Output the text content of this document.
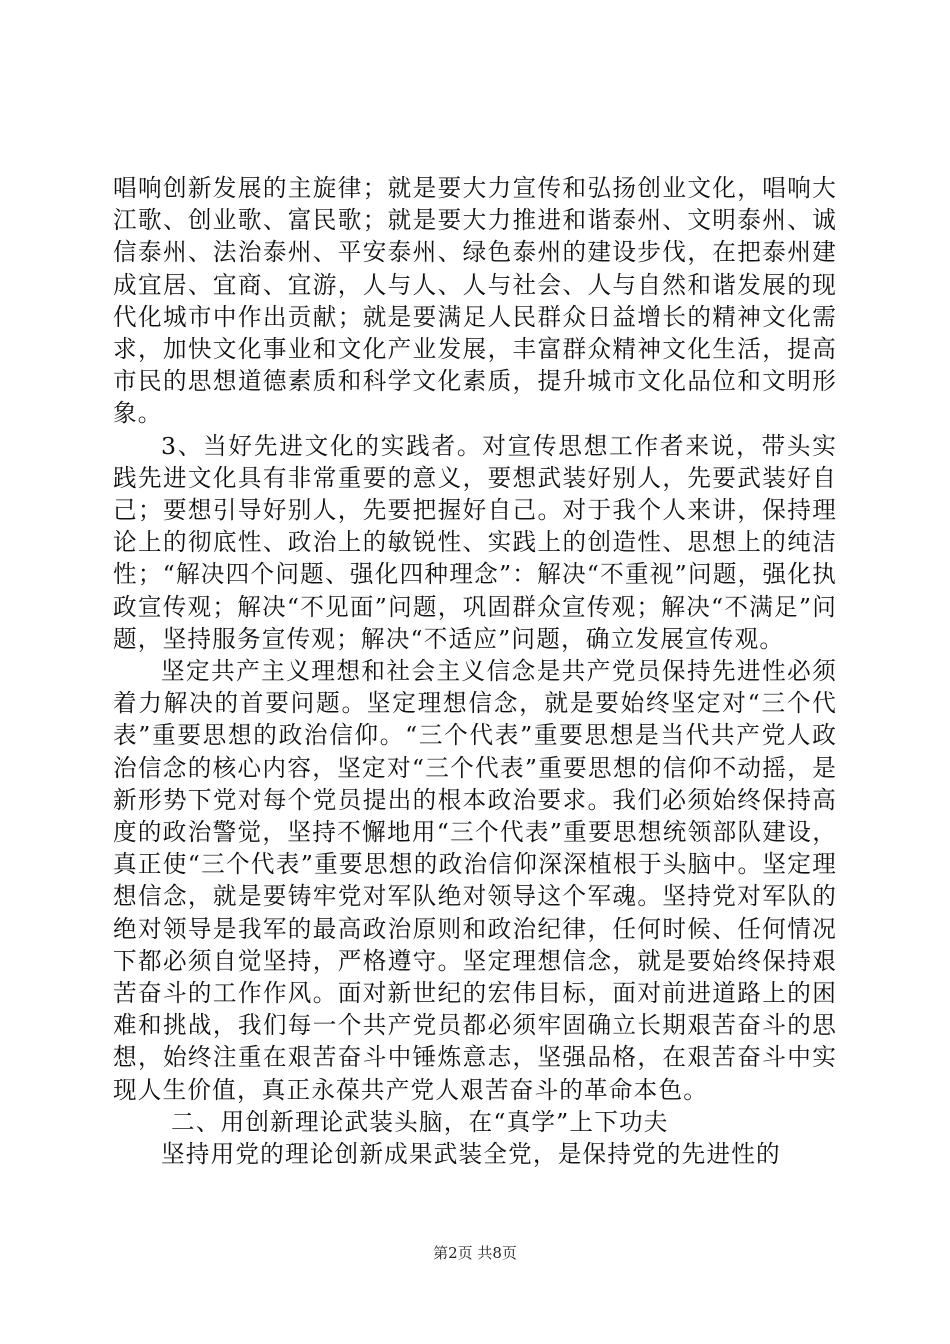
唱响创新发展的主旋律；就是要大力宣传和弘扬创业文化，唱响大江歌、创业歌、富民歌；就是要大力推进和谐泰州、文明泰州、诚信泰州、法治泰州、平安泰州、绿色泰州的建设步伐，在把泰州建成宜居、宜商、宜游，人与人、人与社会、人与自然和谐发展的现代化城市中作出贡献；就是要满足人民群众日益增长的精神文化需求，加快文化事业和文化产业发展，丰富群众精神文化生活，提高市民的思想道德素质和科学文化素质，提升城市文化品位和文明形象。

3、当好先进文化的实践者。对宣传思想工作者来说，带头实践先进文化具有非常重要的意义，要想武装好别人，先要武装好自己；要想引导好别人，先要把握好自己。对于我个人来讲，保持理论上的彻底性、政治上的敏锐性、实践上的创造性、思想上的纯洁性；“解决四个问题、强化四种理念”：解决“不重视”问题，强化执政宣传观；解决“不见面”问题，巩固群众宣传观；解决“不满足”问题，坚持服务宣传观；解决“不适应”问题，确立发展宣传观。

坚定共产主义理想和社会主义信念是共产党员保持先进性必须着力解决的首要问题。坚定理想信念，就是要始终坚定对“三个代表”重要思想的政治信仰。“三个代表”重要思想是当代共产党人政治信念的核心内容，坚定对“三个代表”重要思想的信仰不动摇，是新形势下党对每个党员提出的根本政治要求。我们必须始终保持高度的政治警觉，坚持不懈地用“三个代表”重要思想统领部队建设，真正使“三个代表”重要思想的政治信仰深深植根于头脑中。坚定理想信念，就是要铸牢党对军队绝对领导这个军魂。坚持党对军队的绝对领导是我军的最高政治原则和政治纪律，任何时候、任何情况下都必须自觉坚持，严格遵守。坚定理想信念，就是要始终保持艰苦奋斗的工作作风。面对新世纪的宏伟目标，面对前进道路上的困难和挑战，我们每一个共产党员都必须牢固确立长期艰苦奋斗的思想，始终注重在艰苦奋斗中锤炼意志，坚强品格，在艰苦奋斗中实现人生价值，真正永葆共产党人艰苦奋斗的革命本色。

二、用创新理论武装头脑，在“真学”上下功夫

坚持用党的理论创新成果武装全党，是保持党的先进性的

第2页 共8页
